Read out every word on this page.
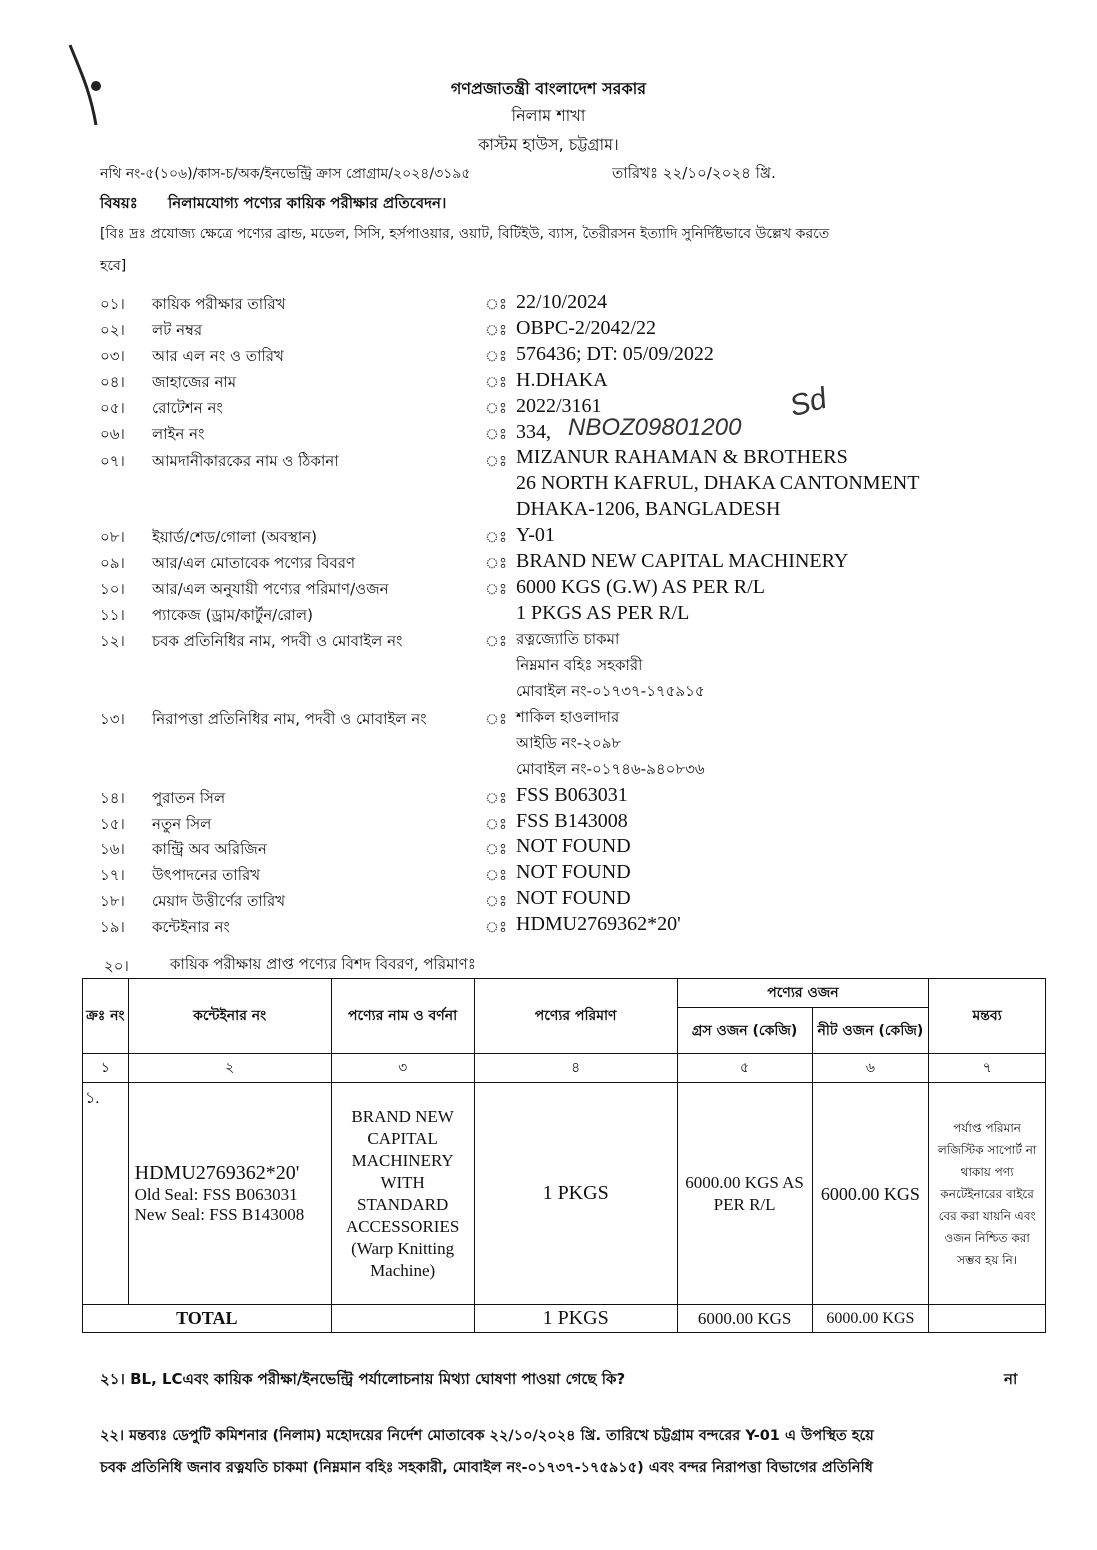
গণপ্রজাতন্ত্রী বাংলাদেশ সরকার
নিলাম শাখা
কাস্টম হাউস, চট্টগ্রাম।
নথি নং-৫(১০৬)/কাস-চ/অক/ইনভেন্ট্রি ক্রাস প্রোগ্রাম/২০২৪/৩১৯৫	তারিখঃ ২২/১০/২০২৪ খ্রি.
বিষয়ঃ নিলামযোগ্য পণ্যের কায়িক পরীক্ষার প্রতিবেদন।
[বিঃ দ্রঃ প্রযোজ্য ক্ষেত্রে পণ্যের ব্রান্ড, মডেল, সিসি, হর্সপাওয়ার, ওয়াট, বিটিইউ, ব্যাস, তৈরীরসন ইত্যাদি সুনির্দিষ্টভাবে উল্লেখ করতে
হবে]
০১।	কায়িক পরীক্ষার তারিখ	ঃ 22/10/2024
০২।	লট নম্বর	ঃ OBPC-2/2042/22
০৩।	আর এল নং ও তারিখ	ঃ 576436; DT: 05/09/2022
০৪।	জাহাজের নাম	ঃ H.DHAKA
০৫।	রোটেশন নং	ঃ 2022/3161
০৬।	লাইন নং	ঃ 334, NBOZ09801200
Sd
০৭।	আমদানীকারকের নাম ও ঠিকানা	ঃ MIZANUR RAHAMAN & BROTHERS
26 NORTH KAFRUL, DHAKA CANTONMENT
DHAKA-1206, BANGLADESH
০৮।	ইয়ার্ড/শেড/গোলা (অবস্থান)	ঃ Y-01
০৯।	আর/এল মোতাবেক পণ্যের বিবরণ	ঃ BRAND NEW CAPITAL MACHINERY
১০।	আর/এল অনুযায়ী পণ্যের পরিমাণ/ওজন	ঃ 6000 KGS (G.W) AS PER R/L
১১।	প্যাকেজ (ড্রাম/কার্টুন/রোল)	1 PKGS AS PER R/L
১২।	চবক প্রতিনিধির নাম, পদবী ও মোবাইল নং	ঃ রত্নজ্যোতি চাকমা
নিম্নমান বহিঃ সহকারী
মোবাইল নং-০১৭৩৭-১৭৫৯১৫
১৩।	নিরাপত্তা প্রতিনিধির নাম, পদবী ও মোবাইল নং	ঃ শাকিল হাওলাদার
আইডি নং-২০৯৮
মোবাইল নং-০১৭৪৬-৯৪০৮৩৬
১৪।	পুরাতন সিল	ঃ FSS B063031
১৫।	নতুন সিল	ঃ FSS B143008
১৬।	কান্ট্রি অব অরিজিন	ঃ NOT FOUND
১৭।	উৎপাদনের তারিখ	ঃ NOT FOUND
১৮।	মেয়াদ উত্তীর্ণের তারিখ	ঃ NOT FOUND
১৯।	কন্টেইনার নং	ঃ HDMU2769362*20'
২০।	কায়িক পরীক্ষায় প্রাপ্ত পণ্যের বিশদ বিবরণ, পরিমাণঃ
ক্রঃ নং	কন্টেইনার নং	পণ্যের নাম ও বর্ণনা	পণ্যের পরিমাণ	পণ্যের ওজন		মন্তব্য
				গ্রস ওজন (কেজি)	নীট ওজন (কেজি)	
১	২	৩	৪	৫	৬	৭
১.	HDMU2769362*20'
Old Seal: FSS B063031
New Seal: FSS B143008	BRAND NEW CAPITAL MACHINERY WITH STANDARD ACCESSORIES (Warp Knitting Machine)	1 PKGS	6000.00 KGS AS PER R/L	6000.00 KGS	পর্যাপ্ত পরিমান লজিস্টিক সাপোর্ট না থাকায় পণ্য কনটেইনারের বাইরে বের করা যায়নি এবং ওজন নিশ্চিত করা সম্ভব হয় নি।
TOTAL			1 PKGS	6000.00 KGS	6000.00 KGS	
২১। BL, LCএবং কায়িক পরীক্ষা/ইনভেন্ট্রি পর্যালোচনায় মিথ্যা ঘোষণা পাওয়া গেছে কি?	না
২২। মন্তব্যঃ ডেপুটি কমিশনার (নিলাম) মহোদয়ের নির্দেশ মোতাবেক ২২/১০/২০২৪ খ্রি. তারিখে চট্টগ্রাম বন্দরের Y-01 এ উপস্থিত হয়ে
চবক প্রতিনিধি জনাব রত্নযতি চাকমা (নিম্নমান বহিঃ সহকারী, মোবাইল নং-০১৭৩৭-১৭৫৯১৫) এবং বন্দর নিরাপত্তা বিভাগের প্রতিনিধি
